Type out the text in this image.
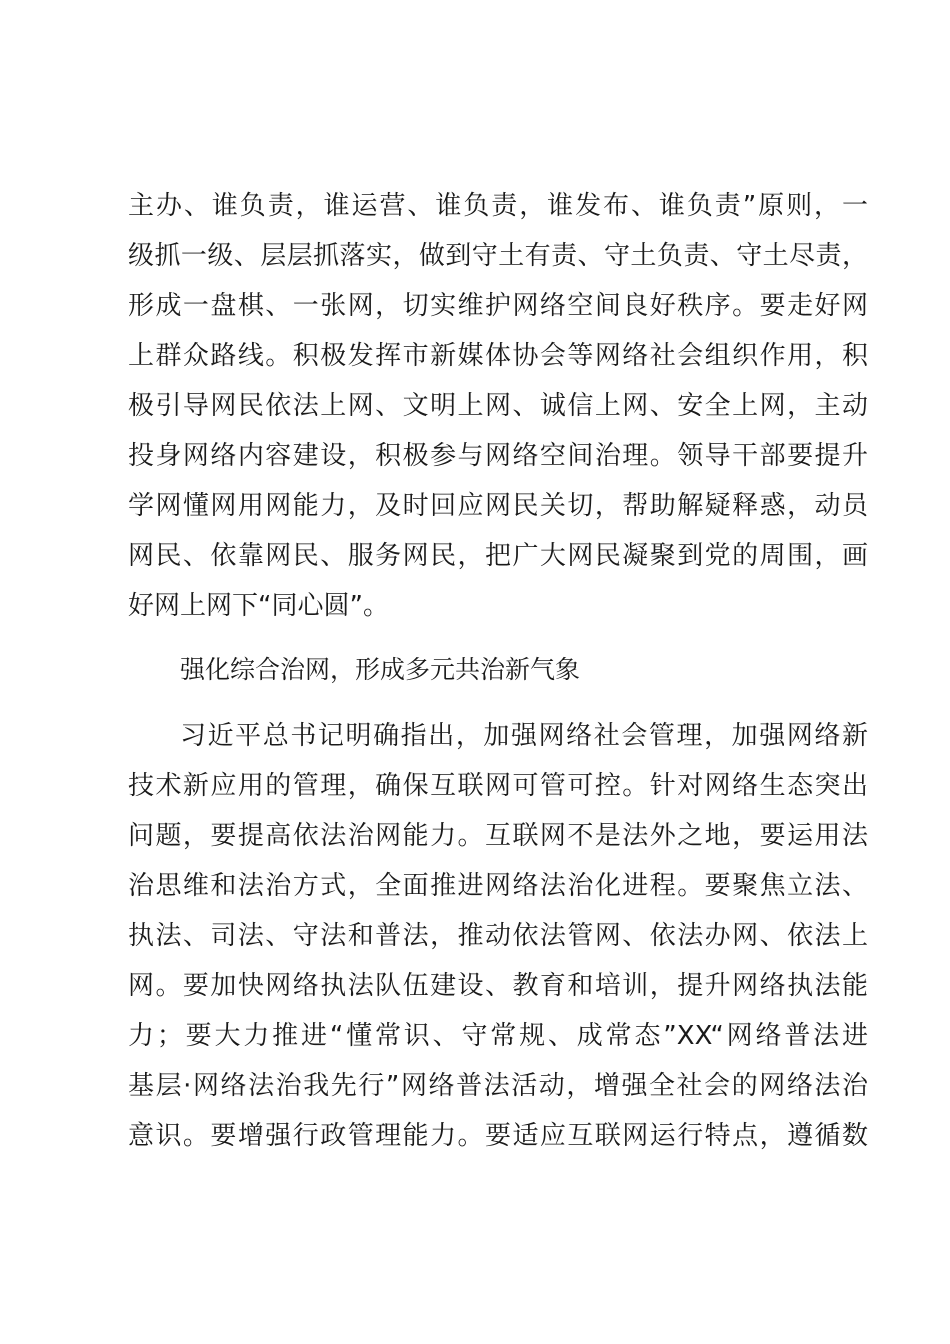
主办、谁负责，谁运营、谁负责，谁发布、谁负责”原则，一
级抓一级、层层抓落实，做到守土有责、守土负责、守土尽责，
形成一盘棋、一张网，切实维护网络空间良好秩序。要走好网
上群众路线。积极发挥市新媒体协会等网络社会组织作用，积
极引导网民依法上网、文明上网、诚信上网、安全上网，主动
投身网络内容建设，积极参与网络空间治理。领导干部要提升
学网懂网用网能力，及时回应网民关切，帮助解疑释惑，动员
网民、依靠网民、服务网民，把广大网民凝聚到党的周围，画
好网上网下“同心圆”。
强化综合治网，形成多元共治新气象
习近平总书记明确指出，加强网络社会管理，加强网络新
技术新应用的管理，确保互联网可管可控。针对网络生态突出
问题，要提高依法治网能力。互联网不是法外之地，要运用法
治思维和法治方式，全面推进网络法治化进程。要聚焦立法、
执法、司法、守法和普法，推动依法管网、依法办网、依法上
网。要加快网络执法队伍建设、教育和培训，提升网络执法能
力；要大力推进“懂常识、守常规、成常态”XX“网络普法进
基层·网络法治我先行”网络普法活动，增强全社会的网络法治
意识。要增强行政管理能力。要适应互联网运行特点，遵循数
